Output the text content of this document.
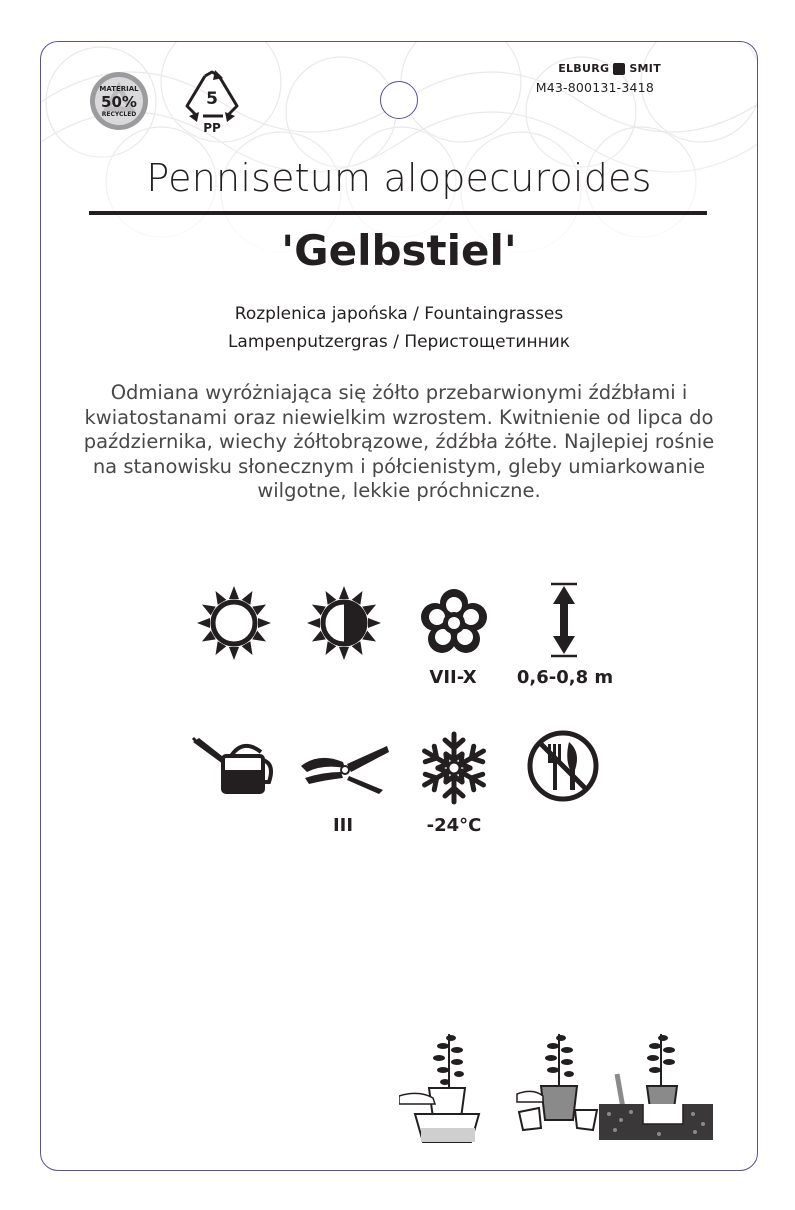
MATERIAL
50%
RECYCLED
5
PP
ELBURG SMIT
M43-800131-3418
Pennisetum alopecuroides
'Gelbstiel'
Rozplenica japońska / Fountaingrasses
Lampenputzergras / Перистощетинник
Odmiana wyróżniająca się żółto przebarwionymi źdźbłami i kwiatostanami oraz niewielkim wzrostem. Kwitnienie od lipca do października, wiechy żółtobrązowe, źdźbła żółte. Najlepiej rośnie na stanowisku słonecznym i półcienistym, gleby umiarkowanie wilgotne, lekkie próchniczne.
VII-X	0,6-0,8 m
III	-24°C
